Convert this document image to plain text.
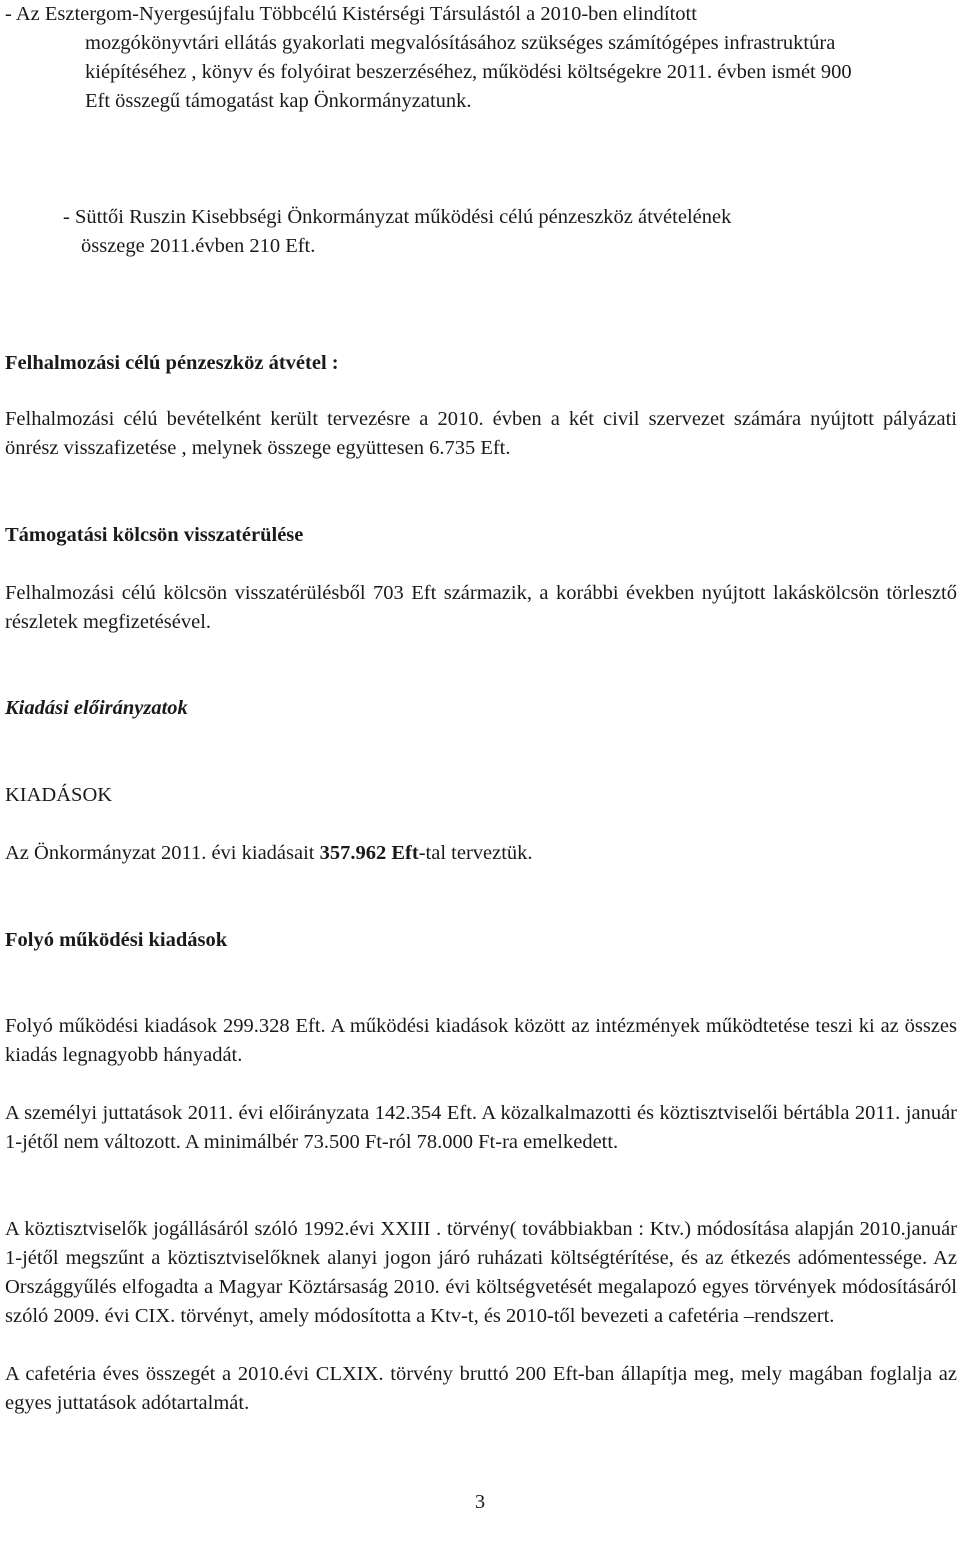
- Az Esztergom-Nyergesújfalu Többcélú Kistérségi Társulástól a 2010-ben elindított
mozgókönyvtári ellátás gyakorlati megvalósításához szükséges számítógépes infrastruktúra kiépítéséhez , könyv és folyóirat beszerzéséhez, működési költségekre 2011. évben ismét 900 Eft összegű támogatást kap Önkormányzatunk.
- Süttői Ruszin Kisebbségi Önkormányzat működési célú pénzeszköz átvételének
összege 2011.évben 210 Eft.
Felhalmozási célú pénzeszköz átvétel :
Felhalmozási célú bevételként került tervezésre a 2010. évben a két civil szervezet számára nyújtott pályázati önrész visszafizetése , melynek összege együttesen 6.735 Eft.
Támogatási kölcsön visszatérülése
Felhalmozási célú kölcsön visszatérülésből 703 Eft származik, a korábbi években nyújtott lakáskölcsön törlesztő részletek megfizetésével.
Kiadási előirányzatok
KIADÁSOK
Az Önkormányzat 2011. évi kiadásait 357.962 Eft-tal terveztük.
Folyó működési kiadások
Folyó működési kiadások 299.328 Eft. A működési kiadások között az intézmények működtetése teszi ki az összes kiadás legnagyobb hányadát.
A személyi juttatások 2011. évi előirányzata 142.354 Eft. A közalkalmazotti és köztisztviselői bértábla 2011. január 1-jétől nem változott. A minimálbér 73.500 Ft-ról 78.000 Ft-ra emelkedett.
A köztisztviselők jogállásáról szóló 1992.évi XXIII . törvény( továbbiakban : Ktv.) módosítása alapján 2010.január 1-jétől megszűnt a köztisztviselőknek alanyi jogon járó ruházati költségtérítése, és az étkezés adómentessége. Az Országgyűlés elfogadta a Magyar Köztársaság 2010. évi költségvetését megalapozó egyes törvények módosításáról szóló 2009. évi CIX. törvényt, amely módosította a Ktv-t, és 2010-től bevezeti a cafetéria –rendszert.
A cafetéria éves összegét a 2010.évi CLXIX. törvény bruttó 200 Eft-ban állapítja meg, mely magában foglalja az egyes juttatások adótartalmát.
3
